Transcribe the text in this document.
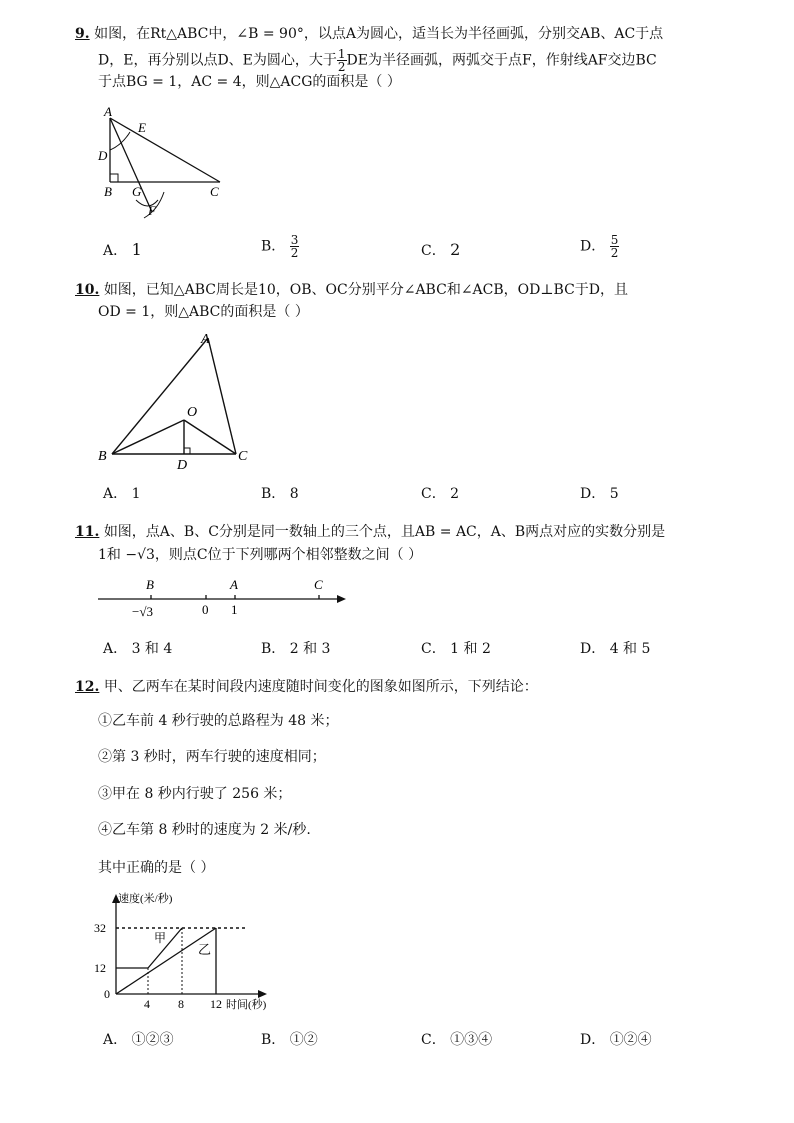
9. 如图，在Rt△ABC中，∠B = 90°，以点A为圆心，适当长为半径画弧，分别交AB、AC于点
D，E，再分别以点D、E为圆心，大于 $\frac{1}{2}$ DE为半径画弧，两弧交于点F，作射线AF交边BC
于点BG = 1，AC = 4，则△ACG的面积是（ ）
A
E
D
B G	C
F
A． 1	B． $\frac{3}{2}$	C． 2	D． $\frac{5}{2}$
10. 如图，已知△ABC周长是10，OB、OC分别平分∠ABC和∠ACB，OD⊥BC于D，且
OD = 1，则△ABC的面积是（ ）
A
O
B
D
C
A． 1	B． 8	C． 2	D． 5
11. 如图，点A、B、C分别是同一数轴上的三个点，且AB = AC，A、B两点对应的实数分别是
1和 −√3，则点C位于下列哪两个相邻整数之间（ ）
B	A	C
−√3	0 1
A． 3 和 4	B． 2 和 3	C． 1 和 2	D． 4 和 5
12. 甲、乙两车在某时间段内速度随时间变化的图象如图所示，下列结论：
①乙车前 4 秒行驶的总路程为 48 米；
②第 3 秒时，两车行驶的速度相同；
③甲在 8 秒内行驶了 256 米；
④乙车第 8 秒时的速度为 2 米/秒.
其中正确的是（ ）
速度(米/秒)
时间(秒)
甲
乙
32
12
0
4 8 12
A． ①②③	B． ①②	C． ①③④	D． ①②④
